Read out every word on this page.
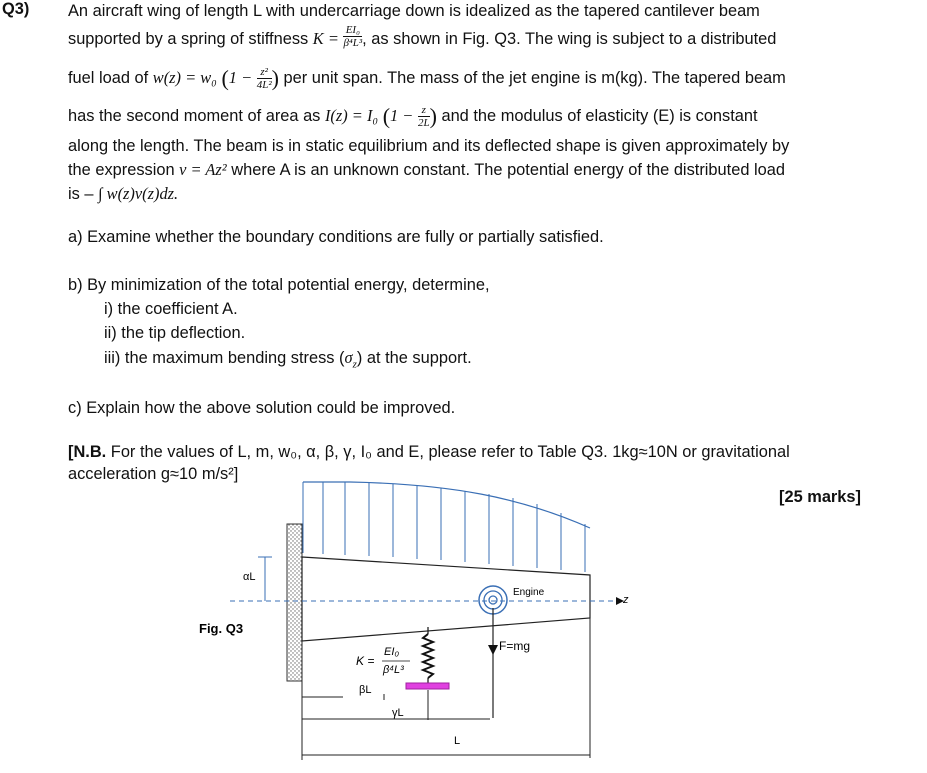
Q3) An aircraft wing of length L with undercarriage down is idealized as the tapered cantilever beam
supported by a spring of stiffness $K = \frac{\text{EI₀}}{\text{β⁴L³}}$ , as shown in Fig. Q3. The wing is subject to a distributed
fuel load of w(z) = w₀ ($1 - \frac{\text{z²}}{\text{4L²}}$ ) per unit span. The mass of the jet engine is m(kg). The tapered beam
has the second moment of area as I(z) = I₀ ($1 - \frac{z}{2L}$ ) and the modulus of elasticity (E) is constant
along the length. The beam is in static equilibrium and its deflected shape is given approximately by
the expression v = Az² where A is an unknown constant. The potential energy of the distributed load
is – ∫ w(z)v(z)dz.
a) Examine whether the boundary conditions are fully or partially satisfied.
b) By minimization of the total potential energy, determine,
i) the coefficient A.
ii) the tip deflection.
iii) the maximum bending stress $(\sigma_z)$ at the support.
c) Explain how the above solution could be improved.
[N.B. For the values of L, m, w₀, α, β, γ, I₀ and E, please refer to Table Q3. 1kg≈10N or gravitational
acceleration g≈10 m/s²]
[25 marks]
z
αL
Fig. Q3
Engine
F=mg
K =
EI₀
β⁴L³
βL
γL
L
